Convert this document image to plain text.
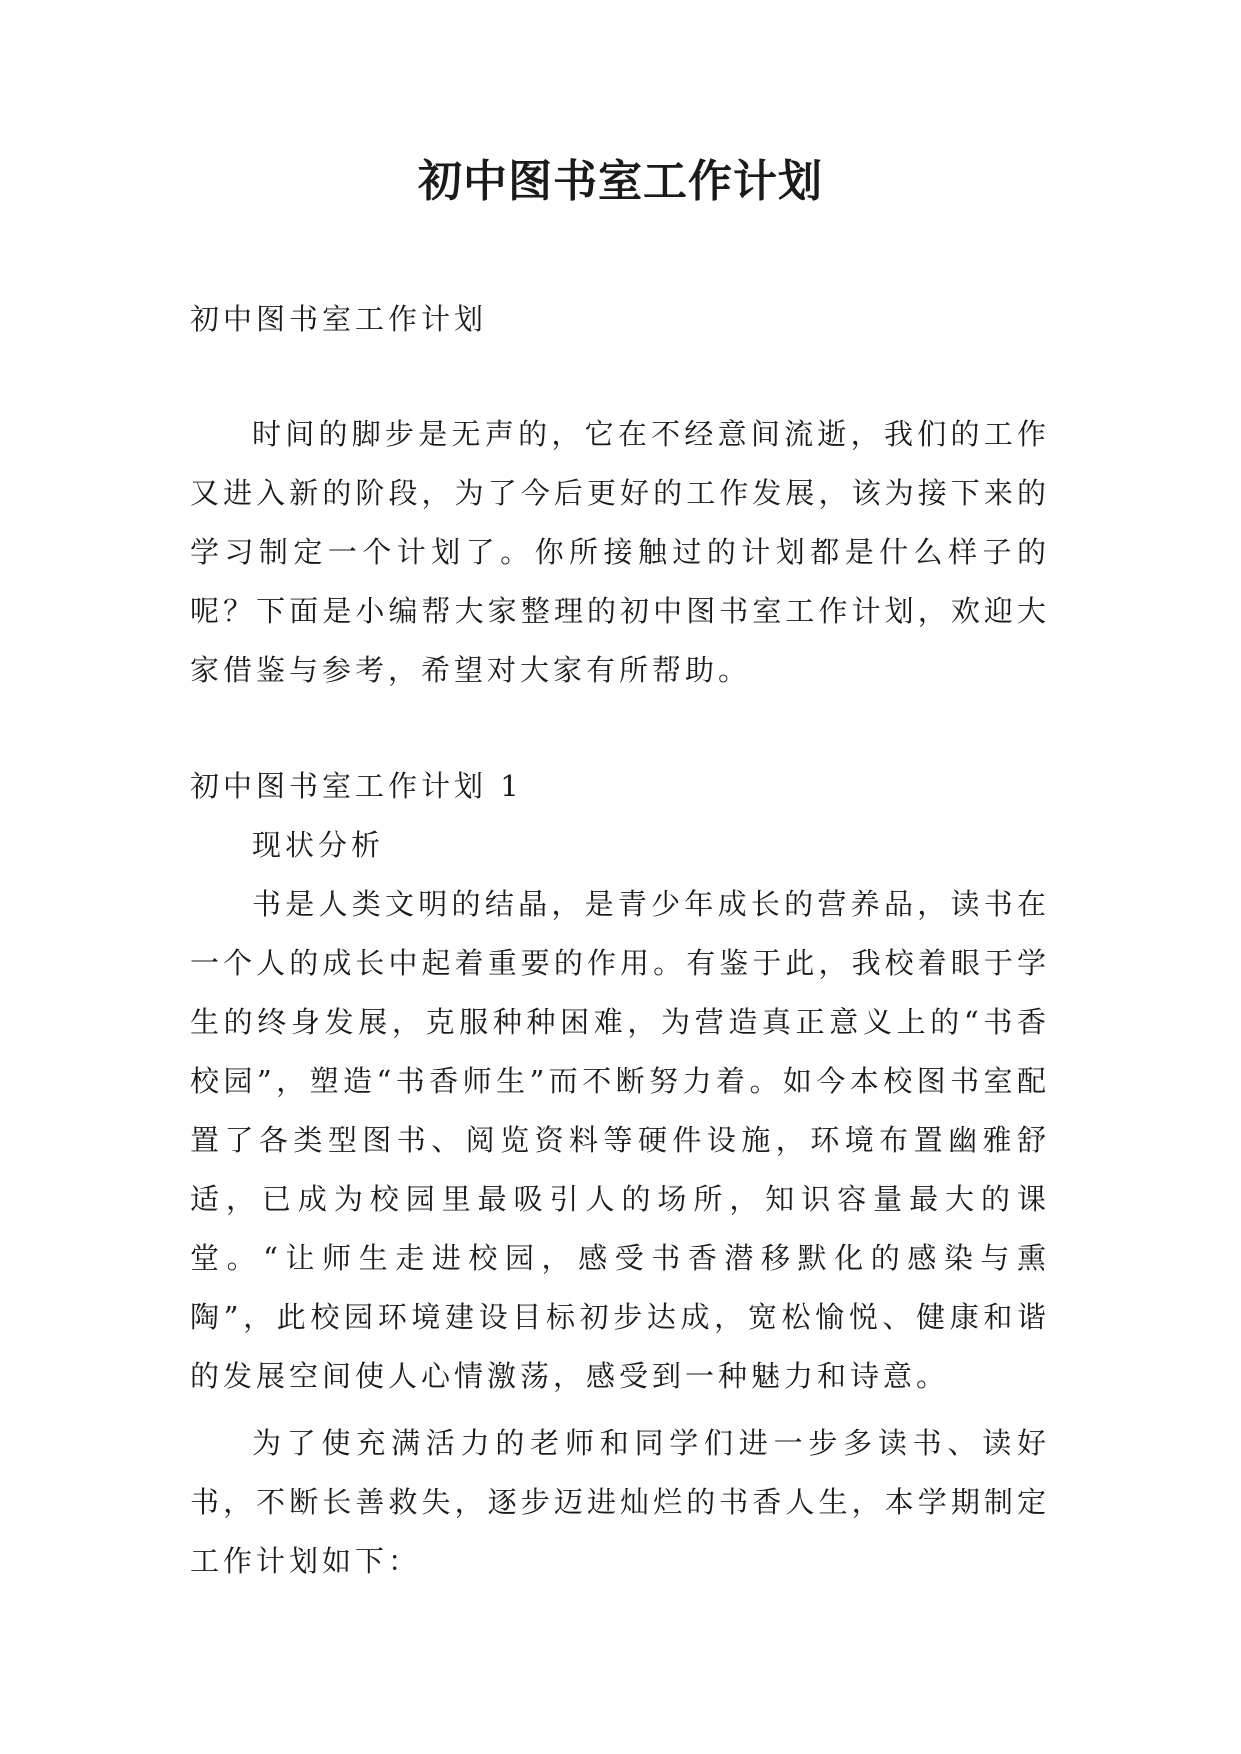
初中图书室工作计划

初中图书室工作计划

时间的脚步是无声的，它在不经意间流逝，我们的工作又进入新的阶段，为了今后更好的工作发展，该为接下来的学习制定一个计划了。你所接触过的计划都是什么样子的呢？下面是小编帮大家整理的初中图书室工作计划，欢迎大家借鉴与参考，希望对大家有所帮助。

初中图书室工作计划 1

现状分析

书是人类文明的结晶，是青少年成长的营养品，读书在一个人的成长中起着重要的作用。有鉴于此，我校着眼于学生的终身发展，克服种种困难，为营造真正意义上的“书香校园”，塑造“书香师生”而不断努力着。如今本校图书室配置了各类型图书、阅览资料等硬件设施，环境布置幽雅舒适，已成为校园里最吸引人的场所，知识容量最大的课堂。“让师生走进校园，感受书香潜移默化的感染与熏陶”，此校园环境建设目标初步达成，宽松愉悦、健康和谐的发展空间使人心情激荡，感受到一种魅力和诗意。

为了使充满活力的老师和同学们进一步多读书、读好书，不断长善救失，逐步迈进灿烂的书香人生，本学期制定工作计划如下：
